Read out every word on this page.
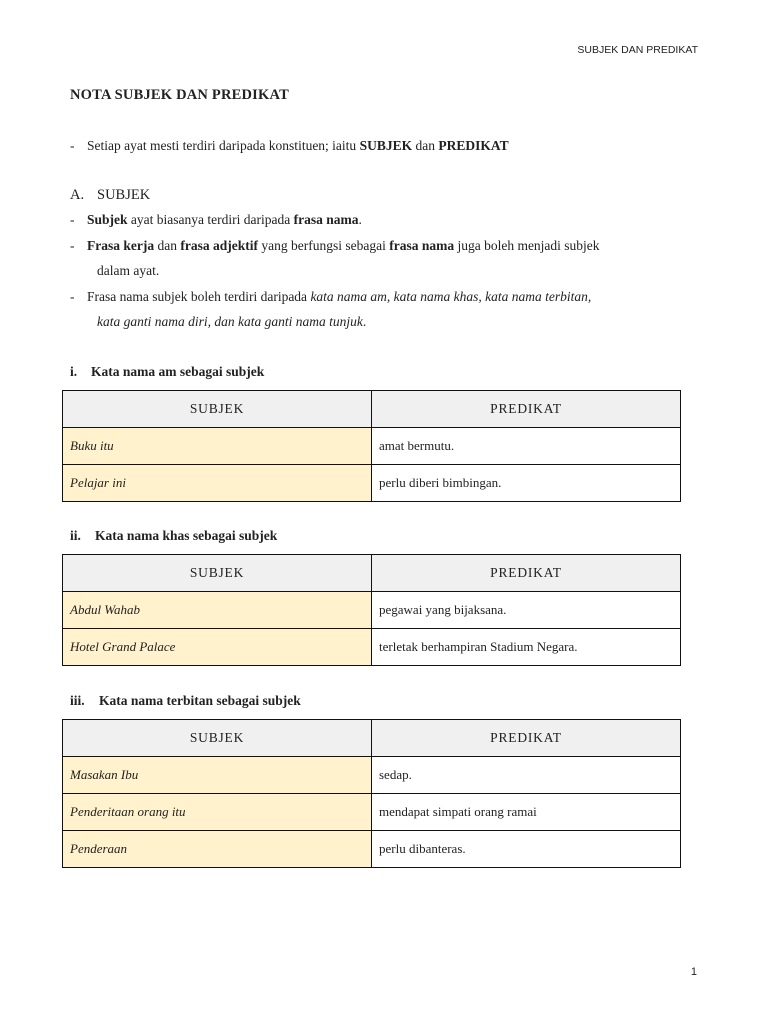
SUBJEK DAN PREDIKAT
NOTA SUBJEK DAN PREDIKAT
- Setiap ayat mesti terdiri daripada konstituen; iaitu SUBJEK dan PREDIKAT
A. SUBJEK
- Subjek ayat biasanya terdiri daripada frasa nama.
- Frasa kerja dan frasa adjektif yang berfungsi sebagai frasa nama juga boleh menjadi subjek
dalam ayat.
- Frasa nama subjek boleh terdiri daripada kata nama am, kata nama khas, kata nama terbitan,
kata ganti nama diri, dan kata ganti nama tunjuk.
i. Kata nama am sebagai subjek
SUBJEK	PREDIKAT
Buku itu	amat bermutu.
Pelajar ini	perlu diberi bimbingan.
ii. Kata nama khas sebagai subjek
SUBJEK	PREDIKAT
Abdul Wahab	pegawai yang bijaksana.
Hotel Grand Palace	terletak berhampiran Stadium Negara.
iii. Kata nama terbitan sebagai subjek
SUBJEK	PREDIKAT
Masakan Ibu	sedap.
Penderitaan orang itu	mendapat simpati orang ramai
Penderaan	perlu dibanteras.
1
